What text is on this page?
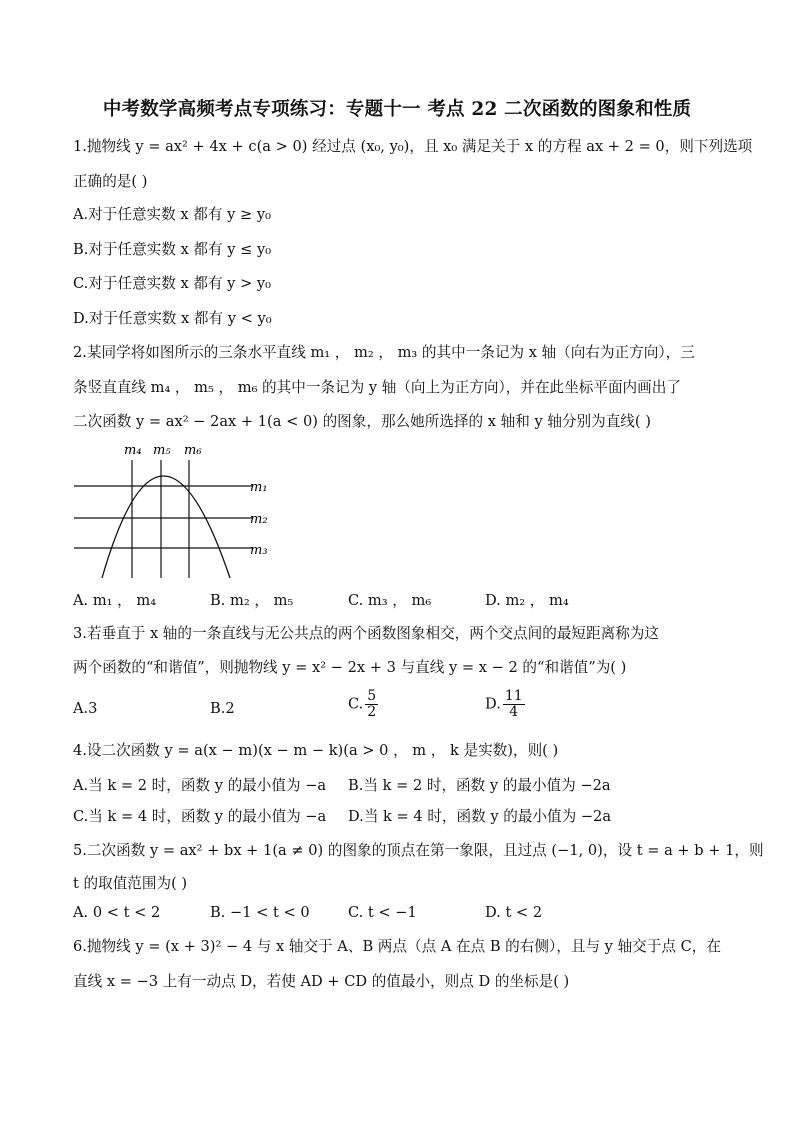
中考数学高频考点专项练习：专题十一 考点 22 二次函数的图象和性质
1.抛物线 y = ax² + 4x + c(a > 0) 经过点 (x₀, y₀)，且 x₀ 满足关于 x 的方程 ax + 2 = 0，则下列选项
正确的是( )
A.对于任意实数 x 都有 y ≥ y₀
B.对于任意实数 x 都有 y ≤ y₀
C.对于任意实数 x 都有 y > y₀
D.对于任意实数 x 都有 y < y₀
2.某同学将如图所示的三条水平直线 m₁ ， m₂ ， m₃ 的其中一条记为 x 轴（向右为正方向），三
条竖直直线 m₄ ， m₅ ， m₆ 的其中一条记为 y 轴（向上为正方向），并在此坐标平面内画出了
二次函数 y = ax² − 2ax + 1(a < 0) 的图象，那么她所选择的 x 轴和 y 轴分别为直线( )
m₄ m₅ m₆
m₁
m₂
m₃
A. m₁ ， m₄	B. m₂ ， m₅	C. m₃ ， m₆	D. m₂ ， m₄
3.若垂直于 x 轴的一条直线与无公共点的两个函数图象相交，两个交点间的最短距离称为这
两个函数的“和谐值”，则抛物线 y = x² − 2x + 3 与直线 y = x − 2 的“和谐值”为( )
A.3	B.2	C. $\frac{5}{2}$	D. $\frac{11}{4}$
4.设二次函数 y = a(x − m)(x − m − k)(a > 0 ， m ， k 是实数)，则( )
A.当 k = 2 时，函数 y 的最小值为 −a B.当 k = 2 时，函数 y 的最小值为 −2a
C.当 k = 4 时，函数 y 的最小值为 −a D.当 k = 4 时，函数 y 的最小值为 −2a
5.二次函数 y = ax² + bx + 1(a ≠ 0) 的图象的顶点在第一象限，且过点 (−1, 0)，设 t = a + b + 1，则
t 的取值范围为( )
A. 0 < t < 2	B. −1 < t < 0	C. t < −1	D. t < 2
6.抛物线 y = (x + 3)² − 4 与 x 轴交于 A、B 两点（点 A 在点 B 的右侧），且与 y 轴交于点 C，在
直线 x = −3 上有一动点 D，若使 AD + CD 的值最小，则点 D 的坐标是( )
